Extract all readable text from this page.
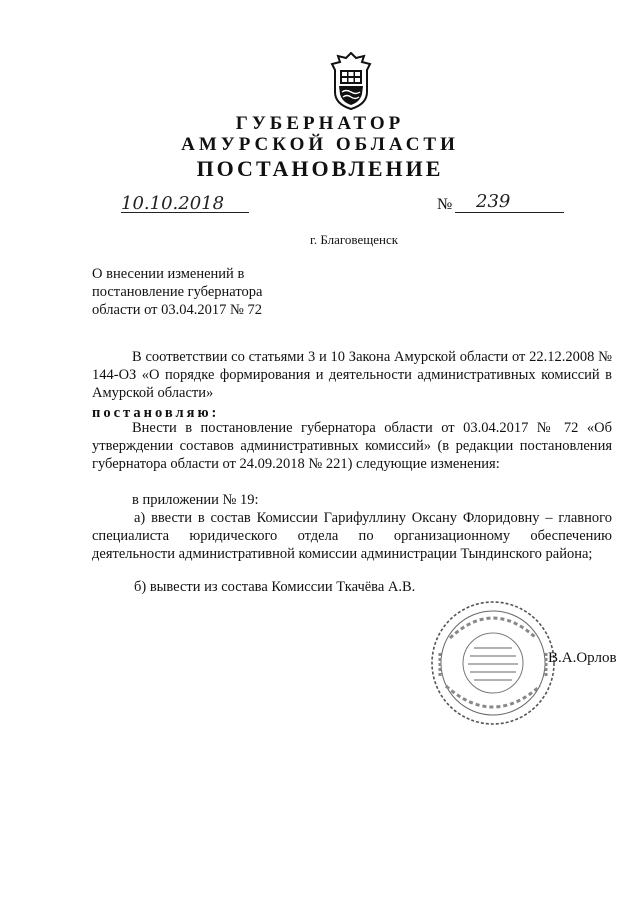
ГУБЕРНАТОР
АМУРСКОЙ ОБЛАСТИ
ПОСТАНОВЛЕНИЕ
10.10.2018	№ 239
г. Благовещенск
О внесении изменений в
постановление губернатора
области от 03.04.2017 № 72
В соответствии со статьями 3 и 10 Закона Амурской области от 22.12.2008 № 144-ОЗ «О порядке формирования и деятельности административных комиссий в Амурской области»
постановляю:
Внести в постановление губернатора области от 03.04.2017 № 72 «Об утверждении составов административных комиссий» (в редакции постановления губернатора области от 24.09.2018 № 221) следующие изменения:
в приложении № 19:
а) ввести в состав Комиссии Гарифуллину Оксану Флоридовну – главного специалиста юридического отдела по организационному обеспечению деятельности административной комиссии администрации Тындинского района;
б) вывести из состава Комиссии Ткачёва А.В.
В.А.Орлов
